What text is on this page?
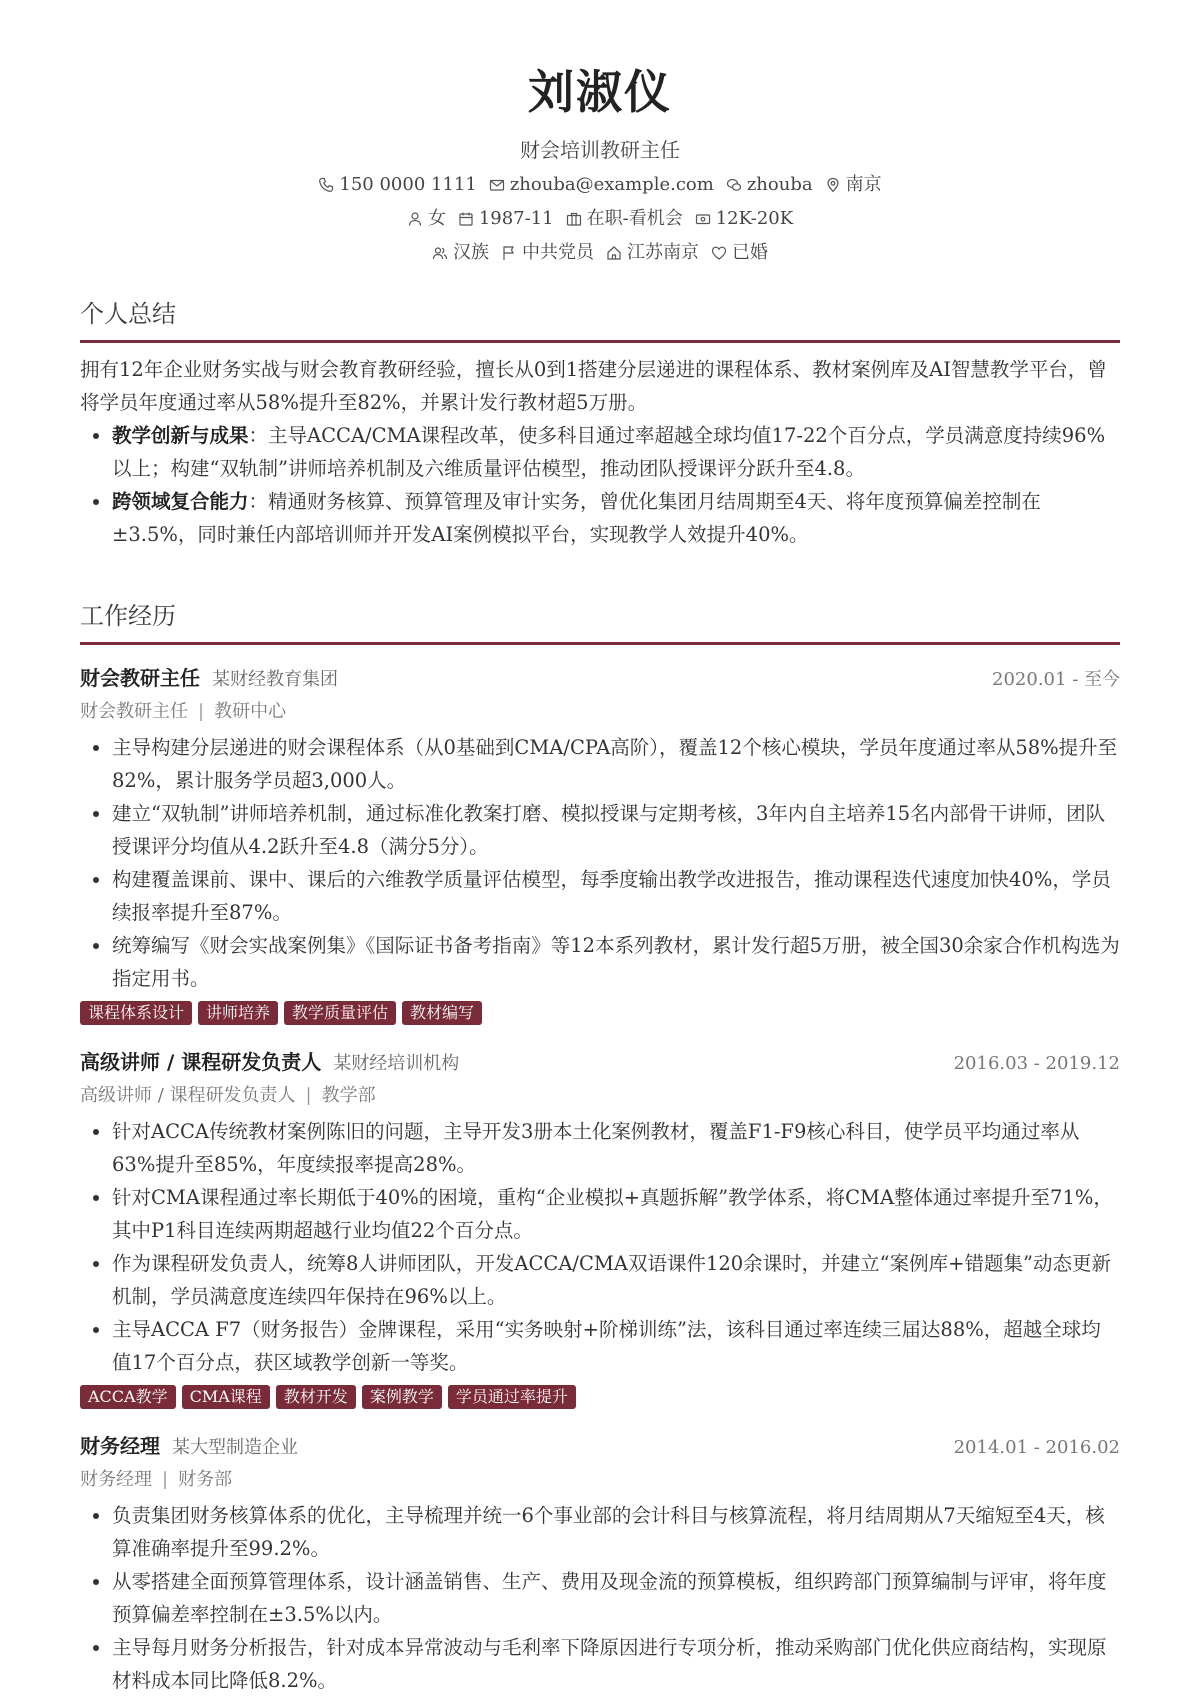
刘淑仪
财会培训教研主任
150 0000 1111 zhouba@example.com zhouba 南京
女 1987-11 在职-看机会 12K-20K
汉族 中共党员 江苏南京 已婚
个人总结
拥有12年企业财务实战与财会教育教研经验，擅长从0到1搭建分层递进的课程体系、教材案例库及AI智慧教学平台，曾将学员年度通过率从58%提升至82%，并累计发行教材超5万册。
• 教学创新与成果：主导ACCA/CMA课程改革，使多科目通过率超越全球均值17-22个百分点，学员满意度持续96%以上；构建“双轨制”讲师培养机制及六维质量评估模型，推动团队授课评分跃升至4.8。
• 跨领域复合能力：精通财务核算、预算管理及审计实务，曾优化集团月结周期至4天、将年度预算偏差控制在±3.5%，同时兼任内部培训师并开发AI案例模拟平台，实现教学人效提升40%。
工作经历
财会教研主任 某财经教育集团	2020.01 - 至今
财会教研主任 | 教研中心
• 主导构建分层递进的财会课程体系（从0基础到CMA/CPA高阶），覆盖12个核心模块，学员年度通过率从58%提升至82%，累计服务学员超3,000人。
• 建立“双轨制”讲师培养机制，通过标准化教案打磨、模拟授课与定期考核，3年内自主培养15名内部骨干讲师，团队授课评分均值从4.2跃升至4.8（满分5分）。
• 构建覆盖课前、课中、课后的六维教学质量评估模型，每季度输出教学改进报告，推动课程迭代速度加快40%，学员续报率提升至87%。
• 统筹编写《财会实战案例集》《国际证书备考指南》等12本系列教材，累计发行超5万册，被全国30余家合作机构选为指定用书。
课程体系设计	讲师培养	教学质量评估	教材编写
高级讲师 / 课程研发负责人 某财经培训机构	2016.03 - 2019.12
高级讲师 / 课程研发负责人 | 教学部
• 针对ACCA传统教材案例陈旧的问题，主导开发3册本土化案例教材，覆盖F1-F9核心科目，使学员平均通过率从63%提升至85%，年度续报率提高28%。
• 针对CMA课程通过率长期低于40%的困境，重构“企业模拟+真题拆解”教学体系，将CMA整体通过率提升至71%，其中P1科目连续两期超越行业均值22个百分点。
• 作为课程研发负责人，统筹8人讲师团队，开发ACCA/CMA双语课件120余课时，并建立“案例库+错题集”动态更新机制，学员满意度连续四年保持在96%以上。
• 主导ACCA F7（财务报告）金牌课程，采用“实务映射+阶梯训练”法，该科目通过率连续三届达88%，超越全球均值17个百分点，获区域教学创新一等奖。
ACCA教学	CMA课程	教材开发	案例教学	学员通过率提升
财务经理 某大型制造企业	2014.01 - 2016.02
财务经理 | 财务部
• 负责集团财务核算体系的优化，主导梳理并统一6个事业部的会计科目与核算流程，将月结周期从7天缩短至4天，核算准确率提升至99.2%。
• 从零搭建全面预算管理体系，设计涵盖销售、生产、费用及现金流的预算模板，组织跨部门预算编制与评审，将年度预算偏差率控制在±3.5%以内。
• 主导每月财务分析报告，针对成本异常波动与毛利率下降原因进行专项分析，推动采购部门优化供应商结构，实现原材料成本同比降低8.2%。
